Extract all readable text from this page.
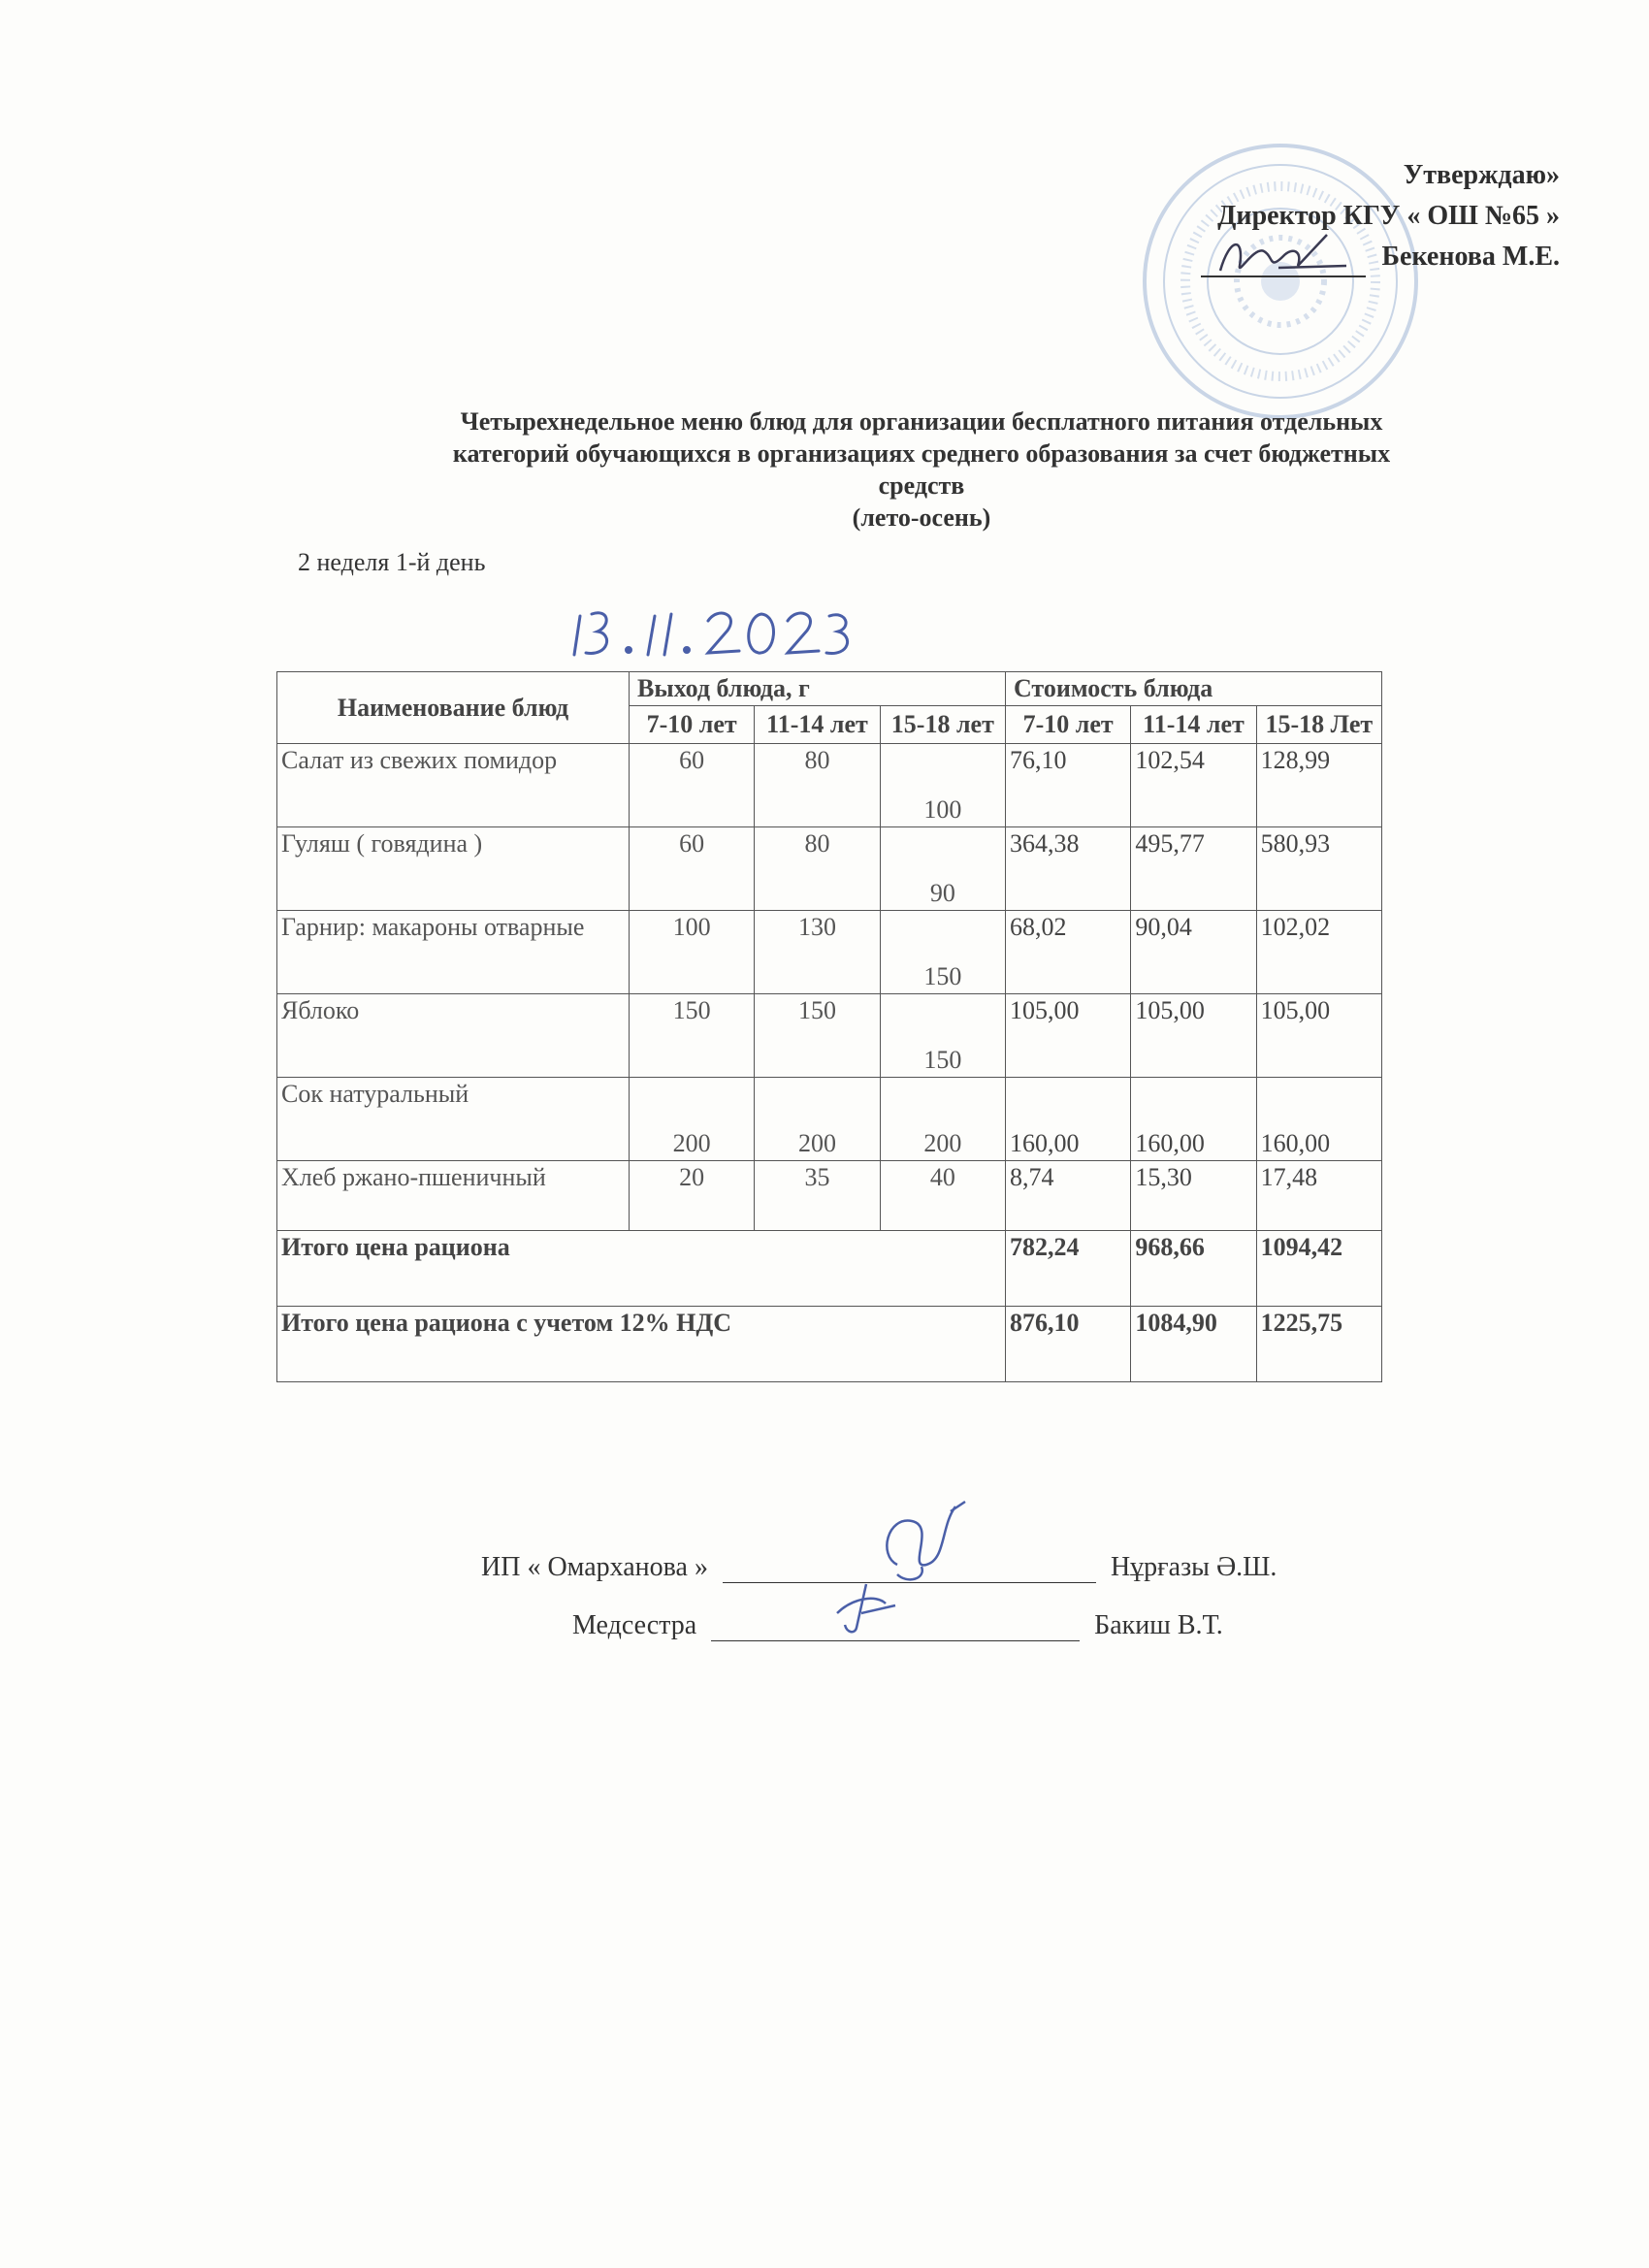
Утверждаю»
Директор КГУ « ОШ №65 »
Бекенова М.Е.
Четырехнедельное меню блюд для организации бесплатного питания отдельных
категорий обучающихся в организациях среднего образования за счет бюджетных
средств
(лето-осень)
2 неделя 1-й день
Наименование блюд	Выход блюда, г			Стоимость блюда		
	7-10 лет	11-14 лет	15-18 лет	7-10 лет	11-14 лет	15-18 Лет
Салат из свежих помидор	60	80	100	76,10	102,54	128,99
Гуляш ( говядина )	60	80	90	364,38	495,77	580,93
Гарнир: макароны отварные	100	130	150	68,02	90,04	102,02
Яблоко	150	150	150	105,00	105,00	105,00
Сок натуральный	200	200	200	160,00	160,00	160,00
Хлеб ржано-пшеничный	20	35	40	8,74	15,30	17,48
Итого цена рациона				782,24	968,66	1094,42
Итого цена рациона с учетом 12% НДС				876,10	1084,90	1225,75
ИП « Омарханова »	Нұрғазы Ә.Ш.
Медсестра	Бакиш В.Т.
